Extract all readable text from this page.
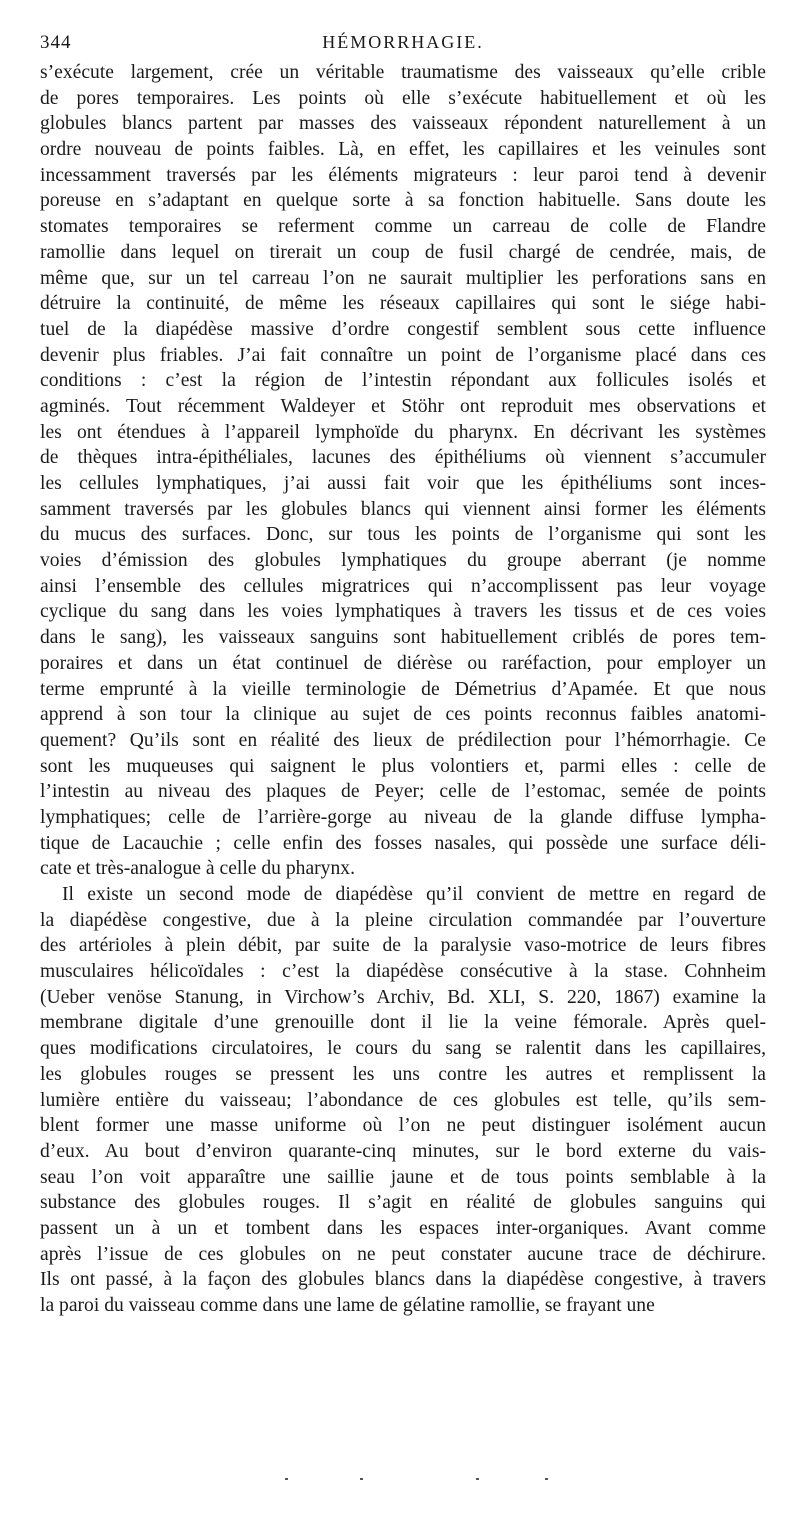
344	HÉMORRHAGIE.
s’exécute largement, crée un véritable traumatisme des vaisseaux qu’elle crible
de pores temporaires. Les points où elle s’exécute habituellement et où les
globules blancs partent par masses des vaisseaux répondent naturellement à un
ordre nouveau de points faibles. Là, en effet, les capillaires et les veinules sont
incessamment traversés par les éléments migrateurs : leur paroi tend à devenir
poreuse en s’adaptant en quelque sorte à sa fonction habituelle. Sans doute les
stomates temporaires se referment comme un carreau de colle de Flandre
ramollie dans lequel on tirerait un coup de fusil chargé de cendrée, mais, de
même que, sur un tel carreau l’on ne saurait multiplier les perforations sans en
détruire la continuité, de même les réseaux capillaires qui sont le siége habi-
tuel de la diapédèse massive d’ordre congestif semblent sous cette influence
devenir plus friables. J’ai fait connaître un point de l’organisme placé dans ces
conditions : c’est la région de l’intestin répondant aux follicules isolés et
agminés. Tout récemment Waldeyer et Stöhr ont reproduit mes observations et
les ont étendues à l’appareil lymphoïde du pharynx. En décrivant les systèmes
de thèques intra-épithéliales, lacunes des épithéliums où viennent s’accumuler
les cellules lymphatiques, j’ai aussi fait voir que les épithéliums sont inces-
samment traversés par les globules blancs qui viennent ainsi former les éléments
du mucus des surfaces. Donc, sur tous les points de l’organisme qui sont les
voies d’émission des globules lymphatiques du groupe aberrant (je nomme
ainsi l’ensemble des cellules migratrices qui n’accomplissent pas leur voyage
cyclique du sang dans les voies lymphatiques à travers les tissus et de ces voies
dans le sang), les vaisseaux sanguins sont habituellement criblés de pores tem-
poraires et dans un état continuel de diérèse ou raréfaction, pour employer un
terme emprunté à la vieille terminologie de Démetrius d’Apamée. Et que nous
apprend à son tour la clinique au sujet de ces points reconnus faibles anatomi-
quement? Qu’ils sont en réalité des lieux de prédilection pour l’hémorrhagie. Ce
sont les muqueuses qui saignent le plus volontiers et, parmi elles : celle de
l’intestin au niveau des plaques de Peyer; celle de l’estomac, semée de points
lymphatiques; celle de l’arrière-gorge au niveau de la glande diffuse lympha-
tique de Lacauchie ; celle enfin des fosses nasales, qui possède une surface déli-
cate et très-analogue à celle du pharynx.
Il existe un second mode de diapédèse qu’il convient de mettre en regard de
la diapédèse congestive, due à la pleine circulation commandée par l’ouverture
des artérioles à plein débit, par suite de la paralysie vaso-motrice de leurs fibres
musculaires hélicoïdales : c’est la diapédèse consécutive à la stase. Cohnheim
(Ueber venöse Stanung, in Virchow’s Archiv, Bd. XLI, S. 220, 1867) examine la
membrane digitale d’une grenouille dont il lie la veine fémorale. Après quel-
ques modifications circulatoires, le cours du sang se ralentit dans les capillaires,
les globules rouges se pressent les uns contre les autres et remplissent la
lumière entière du vaisseau; l’abondance de ces globules est telle, qu’ils sem-
blent former une masse uniforme où l’on ne peut distinguer isolément aucun
d’eux. Au bout d’environ quarante-cinq minutes, sur le bord externe du vais-
seau l’on voit apparaître une saillie jaune et de tous points semblable à la
substance des globules rouges. Il s’agit en réalité de globules sanguins qui
passent un à un et tombent dans les espaces inter-organiques. Avant comme
après l’issue de ces globules on ne peut constater aucune trace de déchirure.
Ils ont passé, à la façon des globules blancs dans la diapédèse congestive, à travers
la paroi du vaisseau comme dans une lame de gélatine ramollie, se frayant une
